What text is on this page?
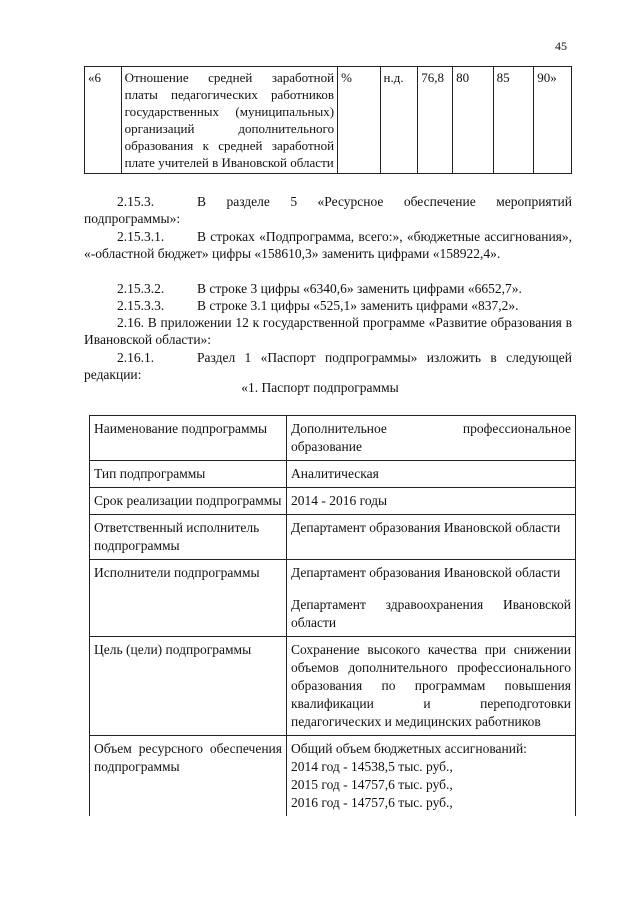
45
«6	Отношение средней заработной платы педагогических работников государственных (муниципальных) организаций дополнительного образования к средней заработной плате учителей в Ивановской области	%	н.д.	76,8	80	85	90»
2.15.3.	В разделе 5 «Ресурсное обеспечение мероприятий подпрограммы»:
2.15.3.1. В строках «Подпрограмма, всего:», «бюджетные ассигнования», «-областной бюджет» цифры «158610,3» заменить цифрами «158922,4».
2.15.3.2. В строке 3 цифры «6340,6» заменить цифрами «6652,7».
2.15.3.3. В строке 3.1 цифры «525,1» заменить цифрами «837,2».
2.16. В приложении 12 к государственной программе «Развитие образования в Ивановской области»:
2.16.1.	Раздел 1 «Паспорт подпрограммы» изложить в следующей редакции:
«1. Паспорт подпрограммы
Наименование подпрограммы	Дополнительное профессиональное образование
Тип подпрограммы	Аналитическая
Срок реализации подпрограммы	2014 - 2016 годы
Ответственный исполнитель подпрограммы	Департамент образования Ивановской области
Исполнители подпрограммы	Департамент образования Ивановской области
Департамент здравоохранения Ивановской области

Цель (цели) подпрограммы	Сохранение высокого качества при снижении объемов дополнительного профессионального образования по программам повышения квалификации и переподготовки педагогических и медицинских работников
Объем ресурсного обеспечения подпрограммы	Общий объем бюджетных ассигнований:
2014 год - 14538,5 тыс. руб.,
2015 год - 14757,6 тыс. руб.,
2016 год - 14757,6 тыс. руб.,
